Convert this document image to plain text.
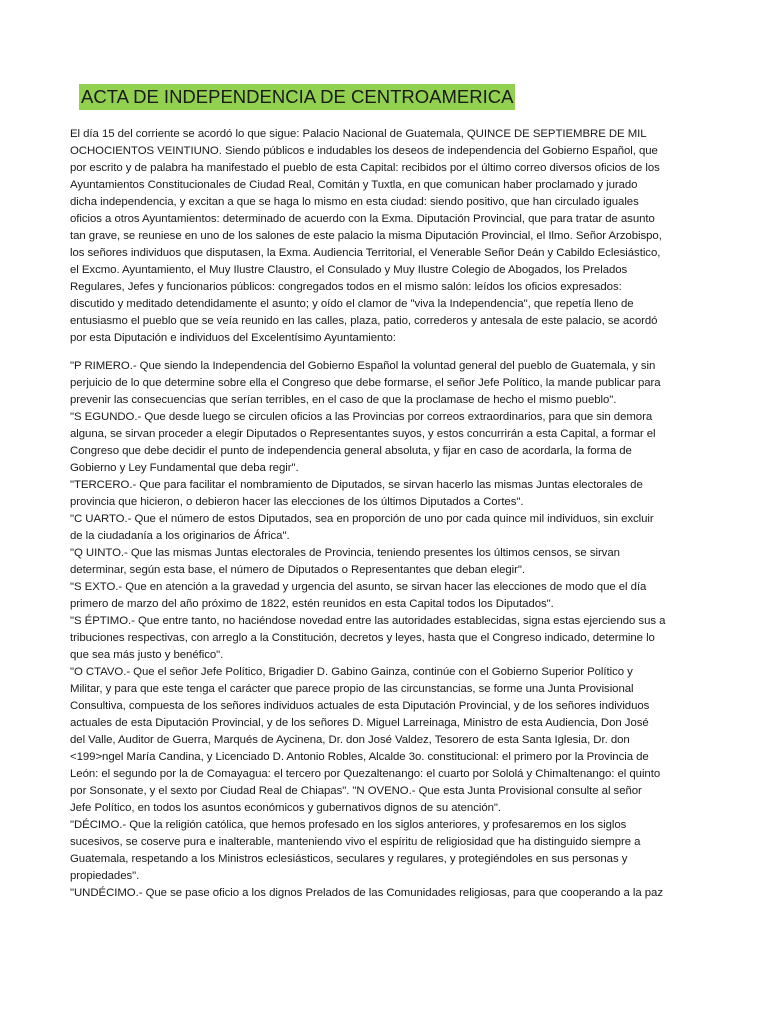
ACTA DE INDEPENDENCIA DE CENTROAMERICA

El día 15 del corriente se acordó lo que sigue: Palacio Nacional de Guatemala, QUINCE DE SEPTIEMBRE DE MIL OCHOCIENTOS VEINTIUNO. Siendo públicos e indudables los deseos de independencia del Gobierno Español, que por escrito y de palabra ha manifestado el pueblo de esta Capital: recibidos por el último correo diversos oficios de los

Ayuntamientos Constitucionales de Ciudad Real, Comitán y Tuxtla, en que comunican haber proclamado y jurado dicha independencia, y excitan a que se haga lo mismo en esta ciudad: siendo positivo, que han circulado iguales oficios a otros Ayuntamientos: determinado de acuerdo con la Exma. Diputación Provincial, que para tratar de asunto tan grave, se reuniese en uno de los salones de este palacio la misma Diputación Provincial, el Ilmo. Señor Arzobispo, los señores individuos que disputasen, la Exma. Audiencia Territorial, el Venerable Señor Deán y Cabildo Eclesiástico, el Excmo. Ayuntamiento, el Muy Ilustre Claustro, el Consulado y Muy Ilustre Colegio de Abogados, los Prelados Regulares, Jefes y funcionarios públicos: congregados todos en el mismo salón: leídos los oficios expresados: discutido y meditado detendidamente el asunto; y oído el clamor de "viva la Independencia", que repetía lleno de entusiasmo el pueblo que se veía reunido en las calles, plaza, patio, correderos y antesala de este palacio, se acordó por esta Diputación e individuos del Excelentísimo Ayuntamiento:

"P RIMERO.- Que siendo la Independencia del Gobierno Español la voluntad general del pueblo de Guatemala, y sin perjuicio de lo que determine sobre ella el Congreso que debe formarse, el señor Jefe Político, la mande publicar para prevenir las consecuencias que serían terribles, en el caso de que la proclamase de hecho el mismo pueblo".

"S EGUNDO.- Que desde luego se circulen oficios a las Provincias por correos extraordinarios, para que sin demora alguna, se sirvan proceder a elegir Diputados o Representantes suyos, y estos concurrirán a esta Capital, a formar el Congreso que debe decidir el punto de independencia general absoluta, y fijar en caso de acordarla, la forma de Gobierno y Ley Fundamental que deba regir".

"TERCERO.- Que para facilitar el nombramiento de Diputados, se sirvan hacerlo las mismas Juntas electorales de provincia que hicieron, o debieron hacer las elecciones de los últimos Diputados a Cortes".

"C UARTO.- Que el número de estos Diputados, sea en proporción de uno por cada quince mil individuos, sin excluir de la ciudadanía a los originarios de África".

"Q UINTO.- Que las mismas Juntas electorales de Provincia, teniendo presentes los últimos censos, se sirvan determinar, según esta base, el número de Diputados o Representantes que deban elegir".

"S EXTO.- Que en atención a la gravedad y urgencia del asunto, se sirvan hacer las elecciones de modo que el día primero de marzo del año próximo de 1822, estén reunidos en esta Capital todos los Diputados".

"S ÉPTIMO.- Que entre tanto, no haciéndose novedad entre las autoridades establecidas, signa estas ejerciendo sus a tribuciones respectivas, con arreglo a la Constitución, decretos y leyes, hasta que el Congreso indicado, determine lo que sea más justo y benéfico".

"O CTAVO.- Que el señor Jefe Político, Brigadier D. Gabino Gainza, continúe con el Gobierno Superior Político y Militar, y para que este tenga el carácter que parece propio de las circunstancias, se forme una Junta Provisional Consultiva, compuesta de los señores individuos actuales de esta Diputación Provincial, y de los señores individuos actuales de esta Diputación Provincial, y de los señores D. Miguel Larreinaga, Ministro de esta Audiencia, Don José del Valle, Auditor de Guerra, Marqués de Aycinena, Dr. don José Valdez, Tesorero de esta Santa Iglesia, Dr. don <199>ngel María Candina, y Licenciado D. Antonio Robles, Alcalde 3o. constitucional: el primero por la Provincia de León: el segundo por la de Comayagua: el tercero por Quezaltenango: el cuarto por Sololá y Chimaltenango: el quinto por Sonsonate, y el sexto por Ciudad Real de Chiapas". "N OVENO.- Que esta Junta Provisional consulte al señor Jefe Político, en todos los asuntos económicos y gubernativos dignos de su atención".

"DÉCIMO.- Que la religión católica, que hemos profesado en los siglos anteriores, y profesaremos en los siglos sucesivos, se coserve pura e inalterable, manteniendo vivo el espíritu de religiosidad que ha distinguido siempre a Guatemala, respetando a los Ministros eclesiásticos, seculares y regulares, y protegiéndoles en sus personas y propiedades".

"UNDÉCIMO.- Que se pase oficio a los dignos Prelados de las Comunidades religiosas, para que cooperando a la paz
